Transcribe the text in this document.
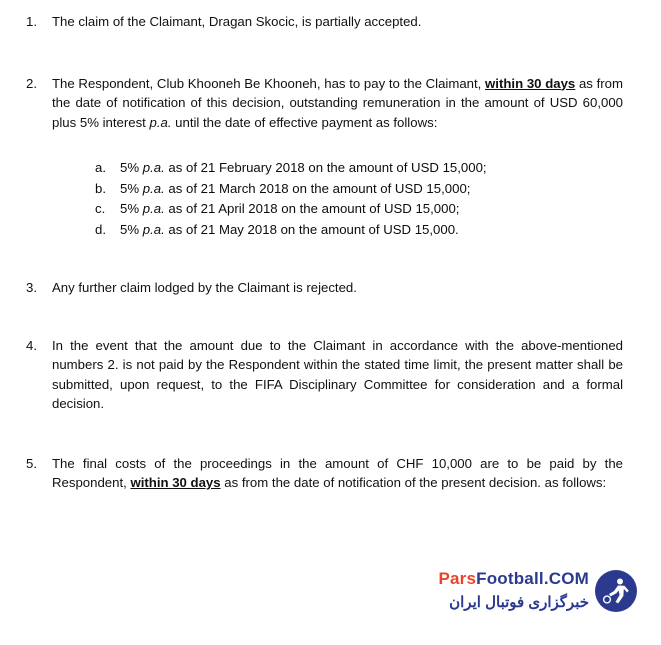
1.	The claim of the Claimant, Dragan Skocic, is partially accepted.
2.	The Respondent, Club Khooneh Be Khooneh, has to pay to the Claimant, within 30 days as from the date of notification of this decision, outstanding remuneration in the amount of USD 60,000 plus 5% interest p.a. until the date of effective payment as follows:
a.	5% p.a. as of 21 February 2018 on the amount of USD 15,000;
b.	5% p.a. as of 21 March 2018 on the amount of USD 15,000;
c.	5% p.a. as of 21 April 2018 on the amount of USD 15,000;
d.	5% p.a. as of 21 May 2018 on the amount of USD 15,000.
3.	Any further claim lodged by the Claimant is rejected.
4.	In the event that the amount due to the Claimant in accordance with the above-mentioned numbers 2. is not paid by the Respondent within the stated time limit, the present matter shall be submitted, upon request, to the FIFA Disciplinary Committee for consideration and a formal decision.
5.	The final costs of the proceedings in the amount of CHF 10,000 are to be paid by the Respondent, within 30 days as from the date of notification of the present decision. as follows:
ParsFootball.COM
خبرگزاری فوتبال ایران
